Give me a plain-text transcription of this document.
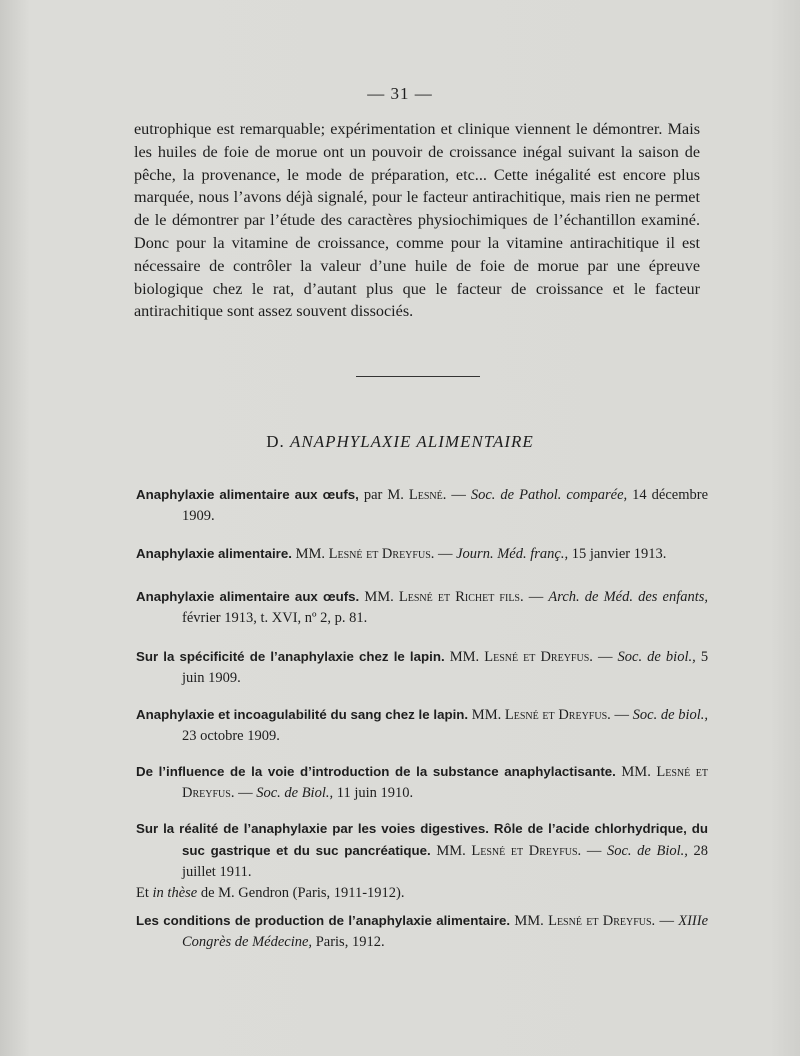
— 31 —

eutrophique est remarquable; expérimentation et clinique viennent le démontrer. Mais les huiles de foie de morue ont un pouvoir de croissance inégal suivant la saison de pêche, la provenance, le mode de préparation, etc... Cette inégalité est encore plus marquée, nous l’avons déjà signalé, pour le facteur antirachitique, mais rien ne permet de le démontrer par l’étude des caractères physiochimiques de l’échantillon examiné. Donc pour la vitamine de croissance, comme pour la vitamine antirachitique il est nécessaire de contrôler la valeur d’une huile de foie de morue par une épreuve biologique chez le rat, d’autant plus que le facteur de croissance et le facteur antirachitique sont assez souvent dissociés.

D. ANAPHYLAXIE ALIMENTAIRE
Anaphylaxie alimentaire aux œufs, par M. Lesné. — Soc. de Pathol. comparée, 14 décembre 1909.
Anaphylaxie alimentaire. MM. Lesné et Dreyfus. — Journ. Méd. franç., 15 janvier 1913.
Anaphylaxie alimentaire aux œufs. MM. Lesné et Richet fils. — Arch. de Méd. des enfants, février 1913, t. XVI, nº 2, p. 81.
Sur la spécificité de l’anaphylaxie chez le lapin. MM. Lesné et Dreyfus. — Soc. de biol., 5 juin 1909.
Anaphylaxie et incoagulabilité du sang chez le lapin. MM. Lesné et Dreyfus. — Soc. de biol., 23 octobre 1909.
De l’influence de la voie d’introduction de la substance anaphylactisante. MM. Lesné et Dreyfus. — Soc. de Biol., 11 juin 1910.
Sur la réalité de l’anaphylaxie par les voies digestives. Rôle de l’acide chlorhydrique, du suc gastrique et du suc pancréatique. MM. Lesné et Dreyfus. — Soc. de Biol., 28 juillet 1911.
Et in thèse de M. Gendron (Paris, 1911-1912).
Les conditions de production de l’anaphylaxie alimentaire. MM. Lesné et Dreyfus. — XIIIe Congrès de Médecine, Paris, 1912.
